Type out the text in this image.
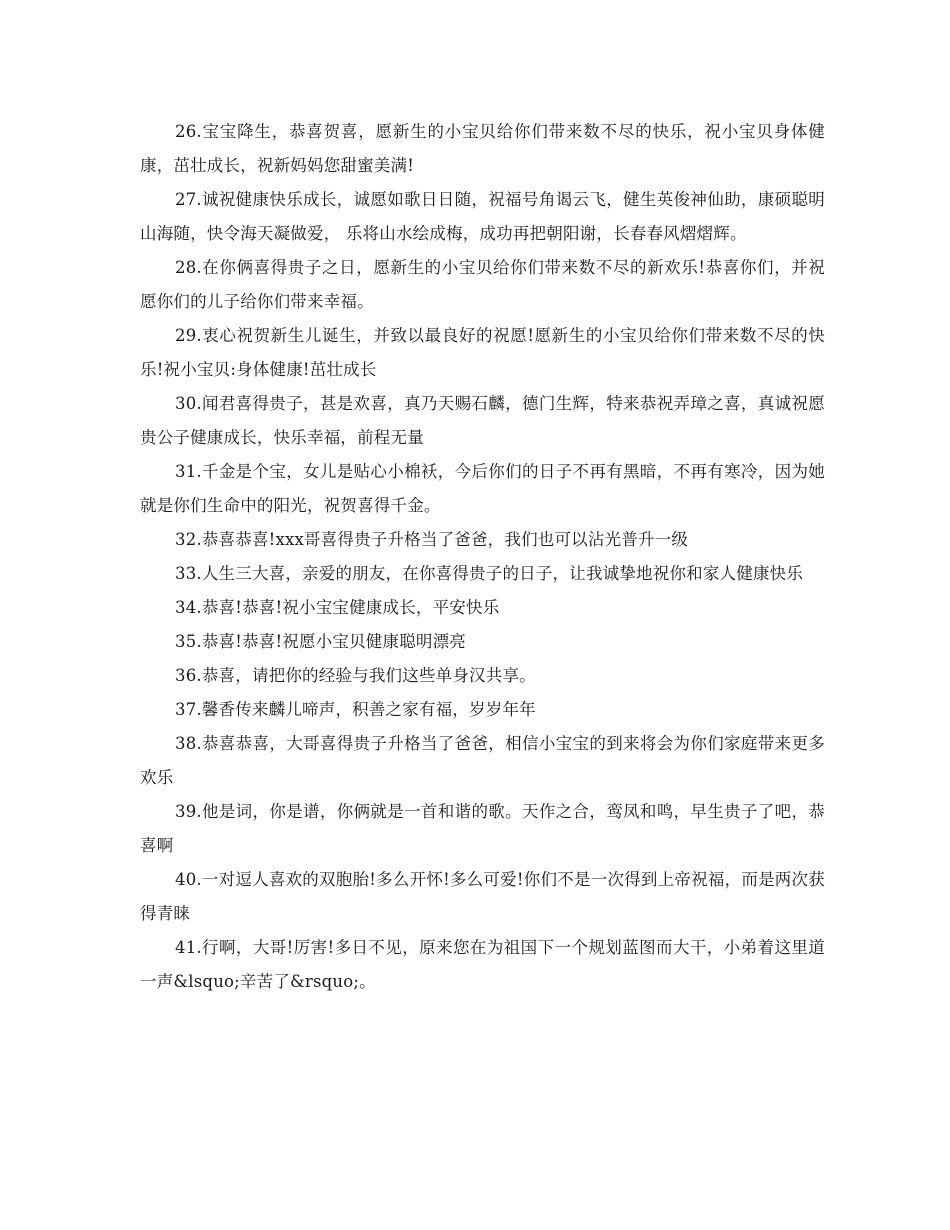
26.宝宝降生，恭喜贺喜，愿新生的小宝贝给你们带来数不尽的快乐，祝小宝贝身体健康，茁壮成长，祝新妈妈您甜蜜美满!

27.诚祝健康快乐成长，诚愿如歌日日随，祝福号角谒云飞，健生英俊神仙助，康硕聪明山海随，快令海天凝做爱， 乐将山水绘成梅，成功再把朝阳谢，长春春风熠熠辉。

28.在你俩喜得贵子之日，愿新生的小宝贝给你们带来数不尽的新欢乐!恭喜你们，并祝愿你们的儿子给你们带来幸福。

29.衷心祝贺新生儿诞生，并致以最良好的祝愿!愿新生的小宝贝给你们带来数不尽的快乐!祝小宝贝:身体健康!茁壮成长

30.闻君喜得贵子，甚是欢喜，真乃天赐石麟，德门生辉，特来恭祝弄璋之喜，真诚祝愿贵公子健康成长，快乐幸福，前程无量

31.千金是个宝，女儿是贴心小棉袄，今后你们的日子不再有黑暗，不再有寒冷，因为她就是你们生命中的阳光，祝贺喜得千金。

32.恭喜恭喜!xxx哥喜得贵子升格当了爸爸，我们也可以沾光普升一级

33.人生三大喜，亲爱的朋友，在你喜得贵子的日子，让我诚挚地祝你和家人健康快乐

34.恭喜!恭喜!祝小宝宝健康成长，平安快乐

35.恭喜!恭喜!祝愿小宝贝健康聪明漂亮

36.恭喜，请把你的经验与我们这些单身汉共享。

37.馨香传来麟儿啼声，积善之家有福，岁岁年年

38.恭喜恭喜，大哥喜得贵子升格当了爸爸，相信小宝宝的到来将会为你们家庭带来更多欢乐

39.他是词，你是谱，你俩就是一首和谐的歌。天作之合，鸾凤和鸣，早生贵子了吧，恭喜啊

40.一对逗人喜欢的双胞胎!多么开怀!多么可爱!你们不是一次得到上帝祝福，而是两次获得青睐

41.行啊，大哥!厉害!多日不见，原来您在为祖国下一个规划蓝图而大干，小弟着这里道一声&lsquo;辛苦了&rsquo;。
